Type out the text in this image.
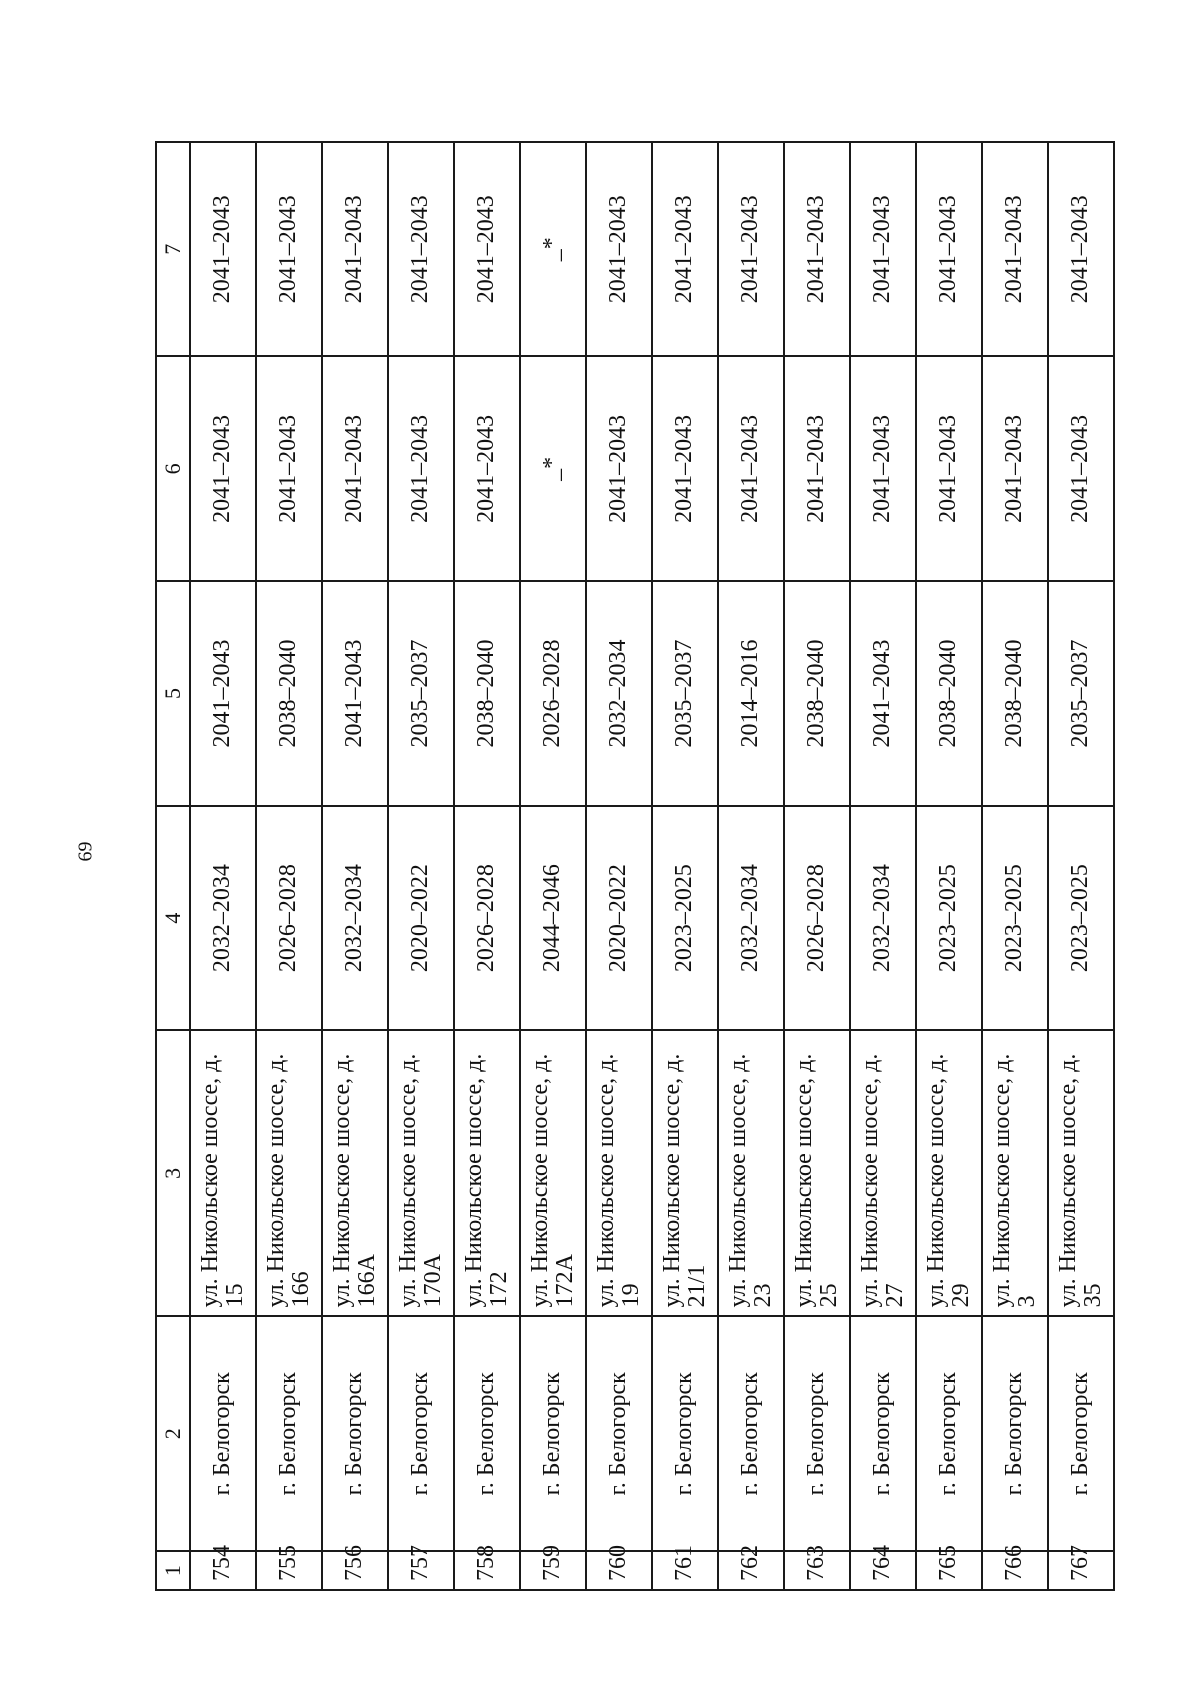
69
1	2	3	4	5	6	7
754	г. Белогорск	ул. Никольское шоссе, д. 15	2032–2034	2041–2043	2041–2043	2041–2043
755	г. Белогорск	ул. Никольское шоссе, д. 166	2026–2028	2038–2040	2041–2043	2041–2043
756	г. Белогорск	ул. Никольское шоссе, д. 166А	2032–2034	2041–2043	2041–2043	2041–2043
757	г. Белогорск	ул. Никольское шоссе, д. 170А	2020–2022	2035–2037	2041–2043	2041–2043
758	г. Белогорск	ул. Никольское шоссе, д. 172	2026–2028	2038–2040	2041–2043	2041–2043
759	г. Белогорск	ул. Никольское шоссе, д. 172А	2044–2046	2026–2028	_*	_*
760	г. Белогорск	ул. Никольское шоссе, д. 19	2020–2022	2032–2034	2041–2043	2041–2043
761	г. Белогорск	ул. Никольское шоссе, д. 21/1	2023–2025	2035–2037	2041–2043	2041–2043
762	г. Белогорск	ул. Никольское шоссе, д. 23	2032–2034	2014–2016	2041–2043	2041–2043
763	г. Белогорск	ул. Никольское шоссе, д. 25	2026–2028	2038–2040	2041–2043	2041–2043
764	г. Белогорск	ул. Никольское шоссе, д. 27	2032–2034	2041–2043	2041–2043	2041–2043
765	г. Белогорск	ул. Никольское шоссе, д. 29	2023–2025	2038–2040	2041–2043	2041–2043
766	г. Белогорск	ул. Никольское шоссе, д. 3	2023–2025	2038–2040	2041–2043	2041–2043
767	г. Белогорск	ул. Никольское шоссе, д. 35	2023–2025	2035–2037	2041–2043	2041–2043
